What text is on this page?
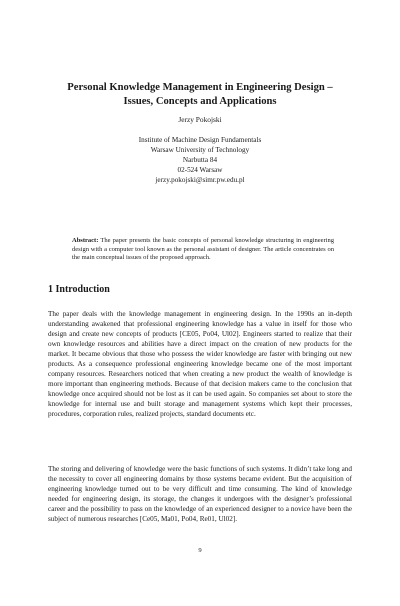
Personal Knowledge Management in Engineering Design –
Issues, Concepts and Applications
Jerzy Pokojski
Institute of Machine Design Fundamentals
Warsaw University of Technology
Narbutta 84
02-524 Warsaw
jerzy.pokojski@simr.pw.edu.pl
Abstract: The paper presents the basic concepts of personal knowledge structuring in engineering design with a computer tool known as the personal assistant of designer. The article concentrates on the main conceptual issues of the proposed approach.
1 Introduction

The paper deals with the knowledge management in engineering design. In the 1990s an in-depth understanding awakened that professional engineering knowledge has a value in itself for those who design and create new concepts of products [CE05, Po04, Ul02]. Engineers started to realize that their own knowledge resources and abilities have a direct impact on the creation of new products for the market. It became obvious that those who possess the wider knowledge are faster with bringing out new products. As a consequence professional engineering knowledge became one of the most important company resources. Researchers noticed that when creating a new product the wealth of knowledge is more important than engineering methods. Because of that decision makers came to the conclusion that knowledge once acquired should not be lost as it can be used again. So companies set about to store the knowledge for internal use and built storage and management systems which kept their processes, procedures, corporation rules, realized projects, standard documents etc.

The storing and delivering of knowledge were the basic functions of such systems. It didn’t take long and the necessity to cover all engineering domains by those systems became evident. But the acquisition of engineering knowledge turned out to be very difficult and time consuming. The kind of knowledge needed for engineering design, its storage, the changes it undergoes with the designer’s professional career and the possibility to pass on the knowledge of an experienced designer to a novice have been the subject of numerous researches [Ce05, Ma01, Po04, Re01, Ul02].

9
